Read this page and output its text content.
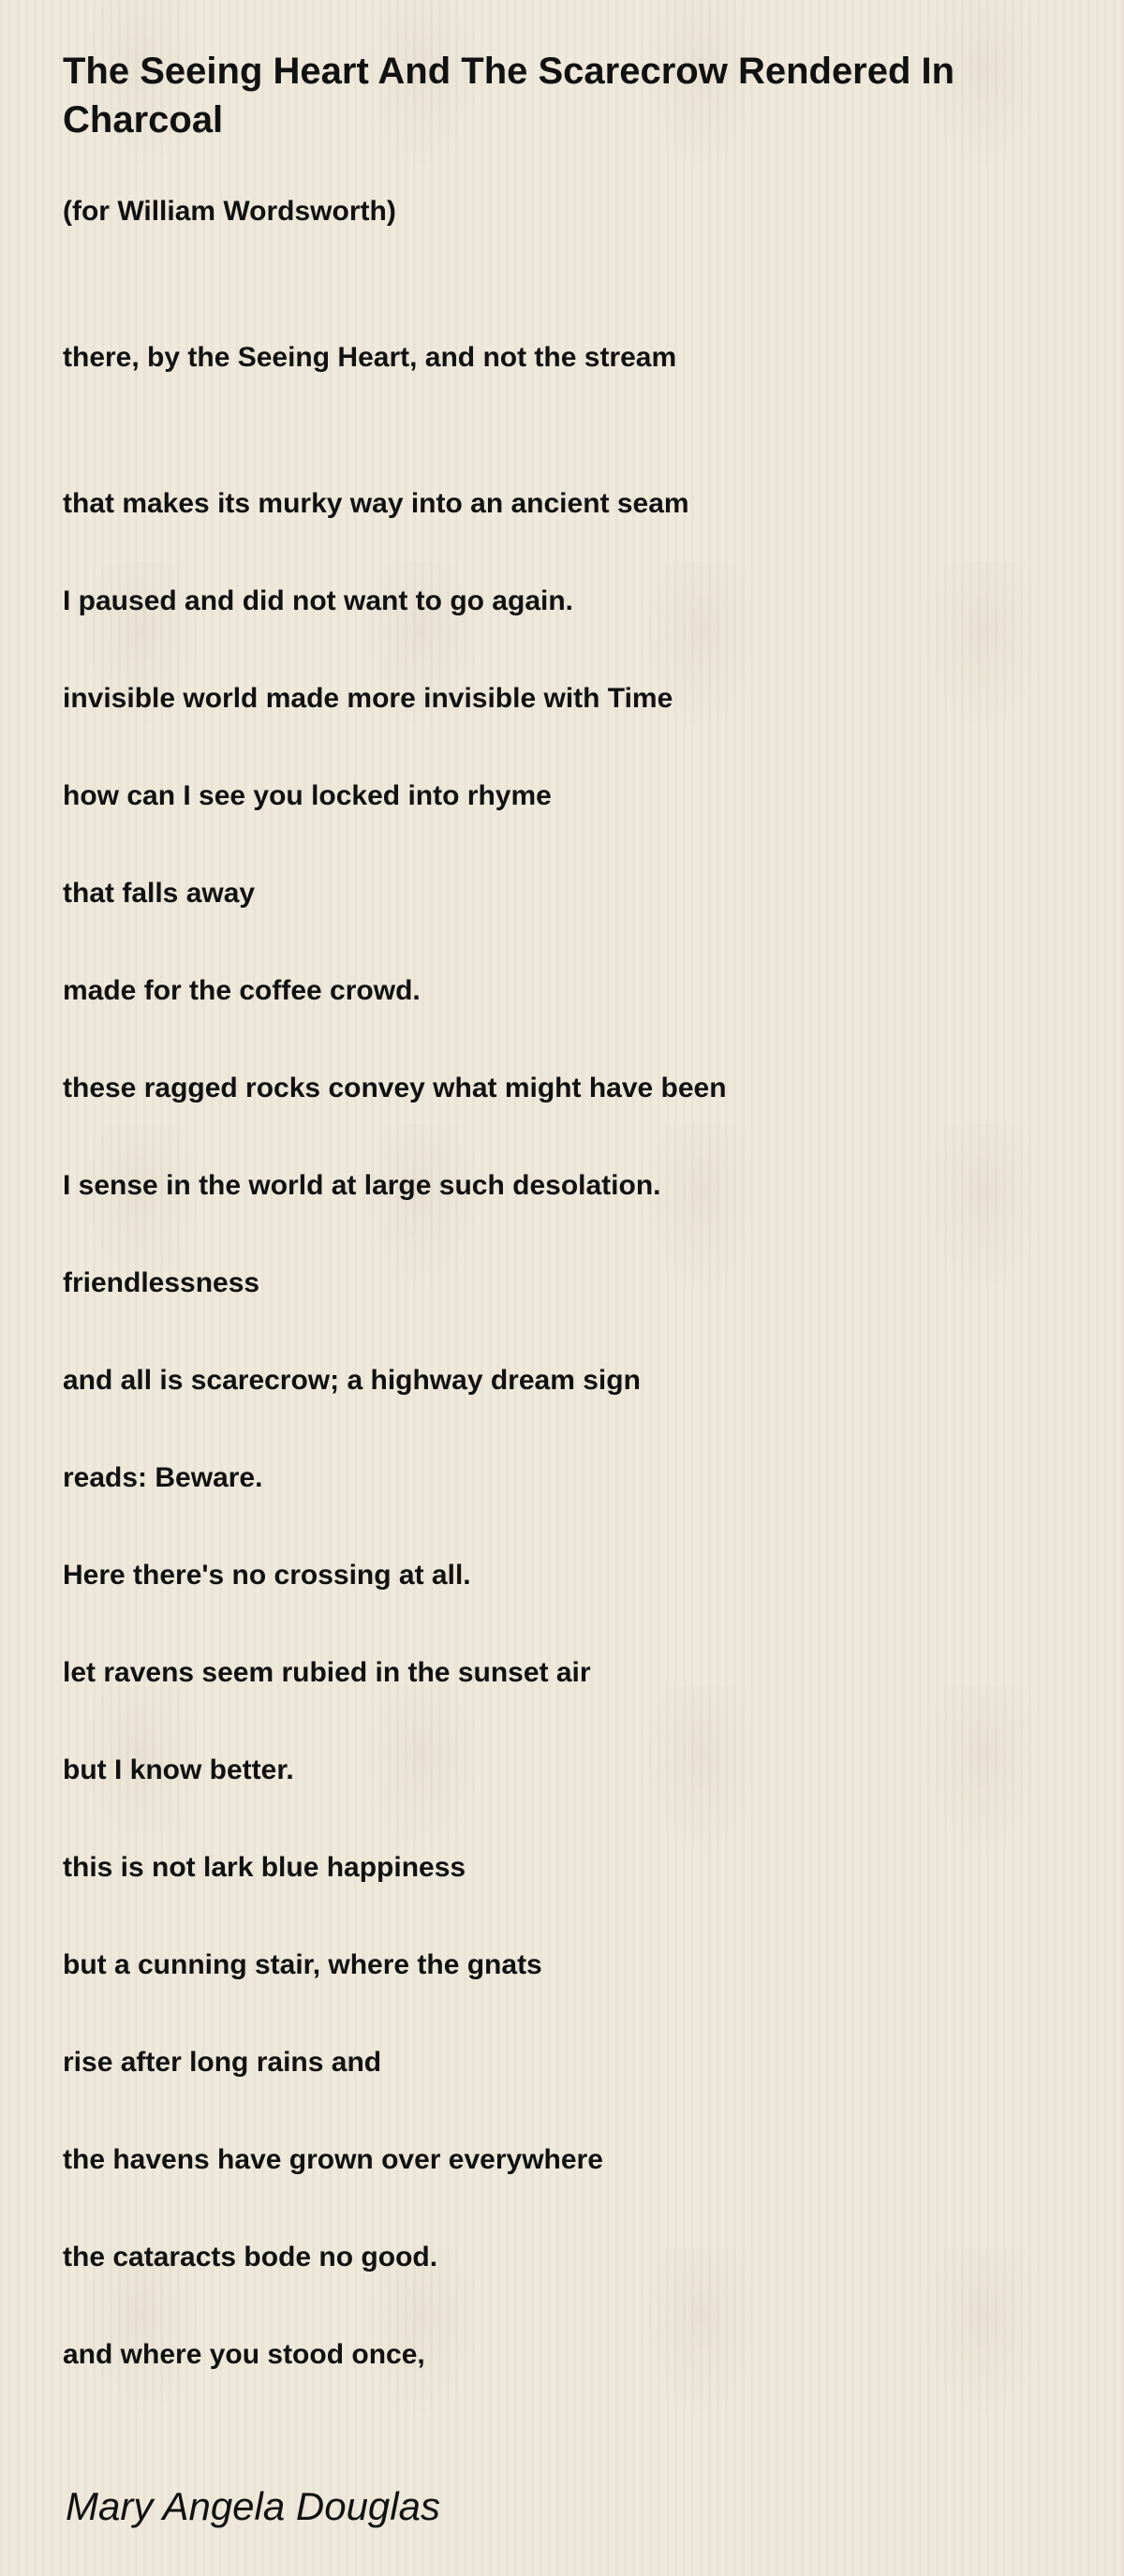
The Seeing Heart And The Scarecrow Rendered In Charcoal

(for William Wordsworth)

there, by the Seeing Heart, and not the stream

that makes its murky way into an ancient seam

I paused and did not want to go again.

invisible world made more invisible with Time

how can I see you locked into rhyme

that falls away

made for the coffee crowd.

these ragged rocks convey what might have been

I sense in the world at large such desolation.

friendlessness

and all is scarecrow; a highway dream sign

reads: Beware.

Here there's no crossing at all.

let ravens seem rubied in the sunset air

but I know better.

this is not lark blue happiness

but a cunning stair, where the gnats

rise after long rains and

the havens have grown over everywhere

the cataracts bode no good.

and where you stood once,

Mary Angela Douglas
